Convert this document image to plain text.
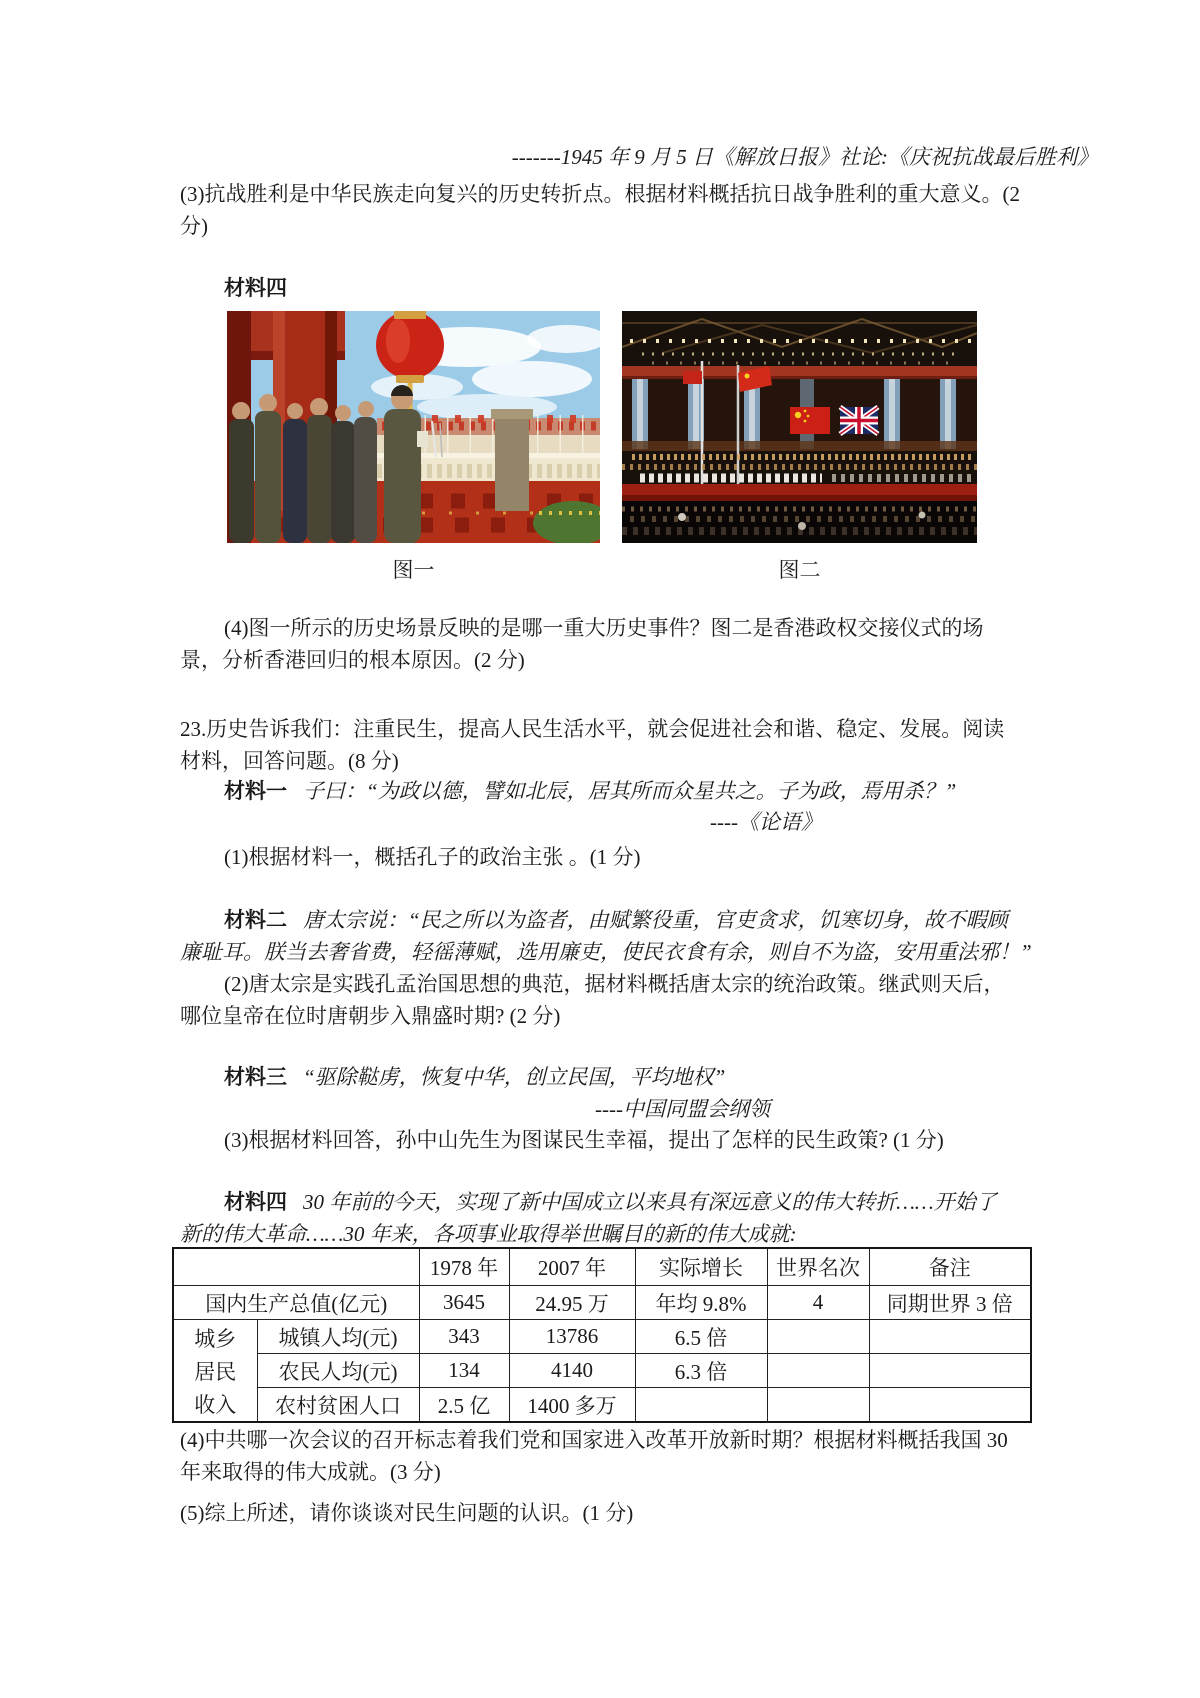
-------1945 年 9 月 5 日《解放日报》社论:《庆祝抗战最后胜利》
(3)抗战胜利是中华民族走向复兴的历史转折点。根据材料概括抗日战争胜利的重大意义。(2
分)
材料四
图一	图二
(4)图一所示的历史场景反映的是哪一重大历史事件？图二是香港政权交接仪式的场
景，分析香港回归的根本原因。(2 分)
23.历史告诉我们：注重民生，提高人民生活水平，就会促进社会和谐、稳定、发展。阅读
材料，回答问题。(8 分)
材料一 子曰：“为政以德，譬如北辰，居其所而众星共之。子为政，焉用杀？”
----《论语》
(1)根据材料一，概括孔子的政治主张 。(1 分)
材料二 唐太宗说：“民之所以为盗者，由赋繁役重，官吏贪求，饥寒切身，故不暇顾
廉耻耳。朕当去奢省费，轻徭薄赋，选用廉吏，使民衣食有余，则自不为盗，安用重法邪！”
(2)唐太宗是实践孔孟治国思想的典范，据材料概括唐太宗的统治政策。继武则天后，
哪位皇帝在位时唐朝步入鼎盛时期? (2 分)
材料三 “驱除鞑虏，恢复中华，创立民国，平均地权”
----中国同盟会纲领
(3)根据材料回答，孙中山先生为图谋民生幸福，提出了怎样的民生政策? (1 分)
材料四 30 年前的今天，实现了新中国成立以来具有深远意义的伟大转折……开始了
新的伟大革命……30 年来，各项事业取得举世瞩目的新的伟大成就:
		1978 年	2007 年	实际增长	世界名次	备注
国内生产总值(亿元)		3645	24.95 万	年均 9.8%	4	同期世界 3 倍

城乡
居民
收入	城镇人均(元)	343	13786	6.5 倍		
	农民人均(元)	134	4140	6.3 倍		
	农村贫困人口	2.5 亿	1400 多万			
(4)中共哪一次会议的召开标志着我们党和国家进入改革开放新时期？根据材料概括我国 30
年来取得的伟大成就。(3 分)
(5)综上所述，请你谈谈对民生问题的认识。(1 分)
